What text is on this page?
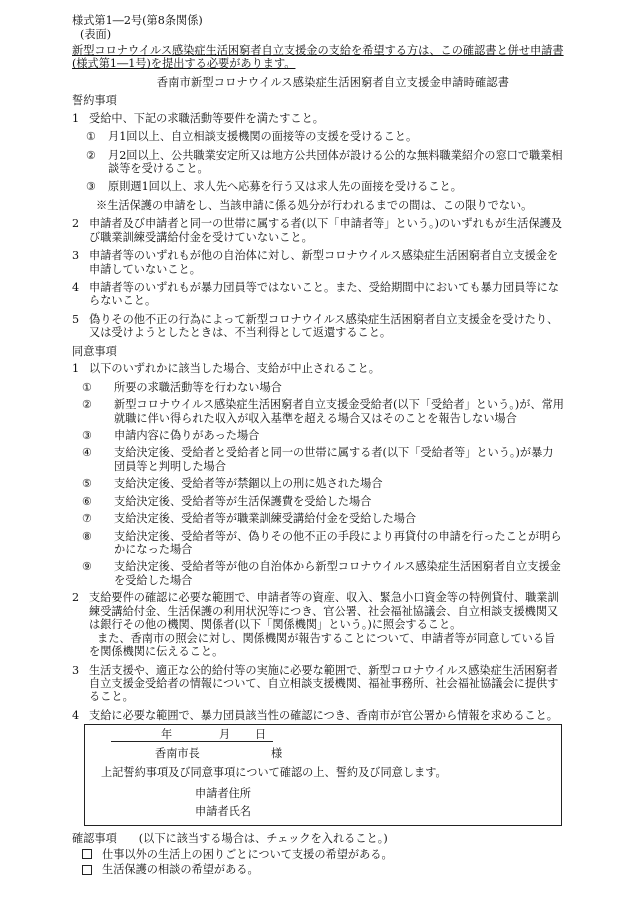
様式第1―2号(第8条関係)
(表面)
新型コロナウイルス感染症生活困窮者自立支援金の支給を希望する方は、この確認書と併せ申請書
(様式第1―1号)を提出する必要があります。
香南市新型コロナウイルス感染症生活困窮者自立支援金申請時確認書
誓約事項
1 受給中、下記の求職活動等要件を満たすこと。
①	月1回以上、自立相談支援機関の面接等の支援を受けること。
②	月2回以上、公共職業安定所又は地方公共団体が設ける公的な無料職業紹介の窓口で職業相談等を受けること。
③	原則週1回以上、求人先へ応募を行う又は求人先の面接を受けること。
※生活保護の申請をし、当該申請に係る処分が行われるまでの間は、この限りでない。
2 申請者及び申請者と同一の世帯に属する者(以下「申請者等」という。)のいずれもが生活保護及び職業訓練受講給付金を受けていないこと。
3 申請者等のいずれもが他の自治体に対し、新型コロナウイルス感染症生活困窮者自立支援金を申請していないこと。
4 申請者等のいずれもが暴力団員等ではないこと。また、受給期間中においても暴力団員等にならないこと。
5 偽りその他不正の行為によって新型コロナウイルス感染症生活困窮者自立支援金を受けたり、又は受けようとしたときは、不当利得として返還すること。
同意事項
1 以下のいずれかに該当した場合、支給が中止されること。
①	所要の求職活動等を行わない場合
②	新型コロナウイルス感染症生活困窮者自立支援金受給者(以下「受給者」という。)が、常用就職に伴い得られた収入が収入基準を超える場合又はそのことを報告しない場合
③	申請内容に偽りがあった場合
④	支給決定後、受給者と受給者と同一の世帯に属する者(以下「受給者等」という。)が暴力団員等と判明した場合
⑤	支給決定後、受給者等が禁錮以上の刑に処された場合
⑥	支給決定後、受給者等が生活保護費を受給した場合
⑦	支給決定後、受給者等が職業訓練受講給付金を受給した場合
⑧	支給決定後、受給者等が、偽りその他不正の手段により再貸付の申請を行ったことが明らかになった場合
⑨	支給決定後、受給者等が他の自治体から新型コロナウイルス感染症生活困窮者自立支援金を受給した場合
2 支給要件の確認に必要な範囲で、申請者等の資産、収入、緊急小口資金等の特例貸付、職業訓練受講給付金、生活保護の利用状況等につき、官公署、社会福祉協議会、自立相談支援機関又は銀行その他の機関、関係者(以下「関係機関」という。)に照会すること。
また、香南市の照会に対し、関係機関が報告することについて、申請者等が同意している旨を関係機関に伝えること。
3 生活支援や、適正な公的給付等の実施に必要な範囲で、新型コロナウイルス感染症生活困窮者自立支援金受給者の情報について、自立相談支援機関、福祉事務所、社会福祉協議会に提供すること。
4 支給に必要な範囲で、暴力団員該当性の確認につき、香南市が官公署から情報を求めること。
年	月 日
香南市長	様
上記誓約事項及び同意事項について確認の上、誓約及び同意します。
申請者住所
申請者氏名
確認事項 (以下に該当する場合は、チェックを入れること。)
仕事以外の生活上の困りごとについて支援の希望がある。
生活保護の相談の希望がある。
